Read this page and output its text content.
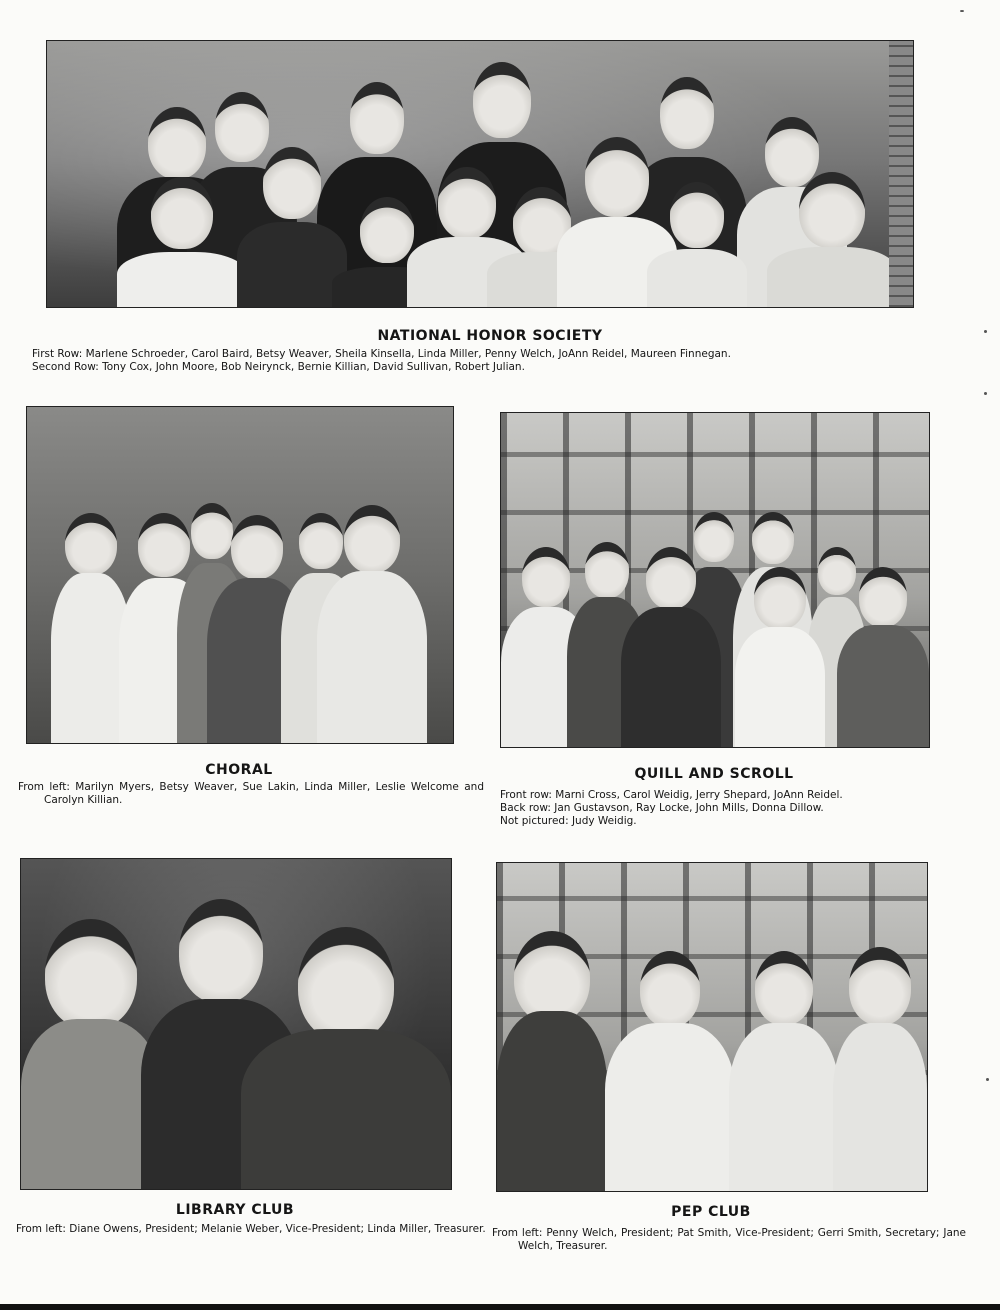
NATIONAL HONOR SOCIETY

First Row: Marlene Schroeder, Carol Baird, Betsy Weaver, Sheila Kinsella, Linda Miller, Penny Welch, JoAnn Reidel, Maureen Finnegan.

Second Row: Tony Cox, John Moore, Bob Neirynck, Bernie Killian, David Sullivan, Robert Julian.

CHORAL
From left: Marilyn Myers, Betsy Weaver, Sue Lakin, Linda Miller, Leslie Welcome and Carolyn Killian.
QUILL AND SCROLL

Front row: Marni Cross, Carol Weidig, Jerry Shepard, JoAnn Reidel.

Back row: Jan Gustavson, Ray Locke, John Mills, Donna Dillow.

Not pictured: Judy Weidig.

LIBRARY CLUB
From left: Diane Owens, President; Melanie Weber, Vice-President; Linda Miller, Treasurer.
PEP CLUB
From left: Penny Welch, President; Pat Smith, Vice-President; Gerri Smith, Secretary; Jane Welch, Treasurer.
